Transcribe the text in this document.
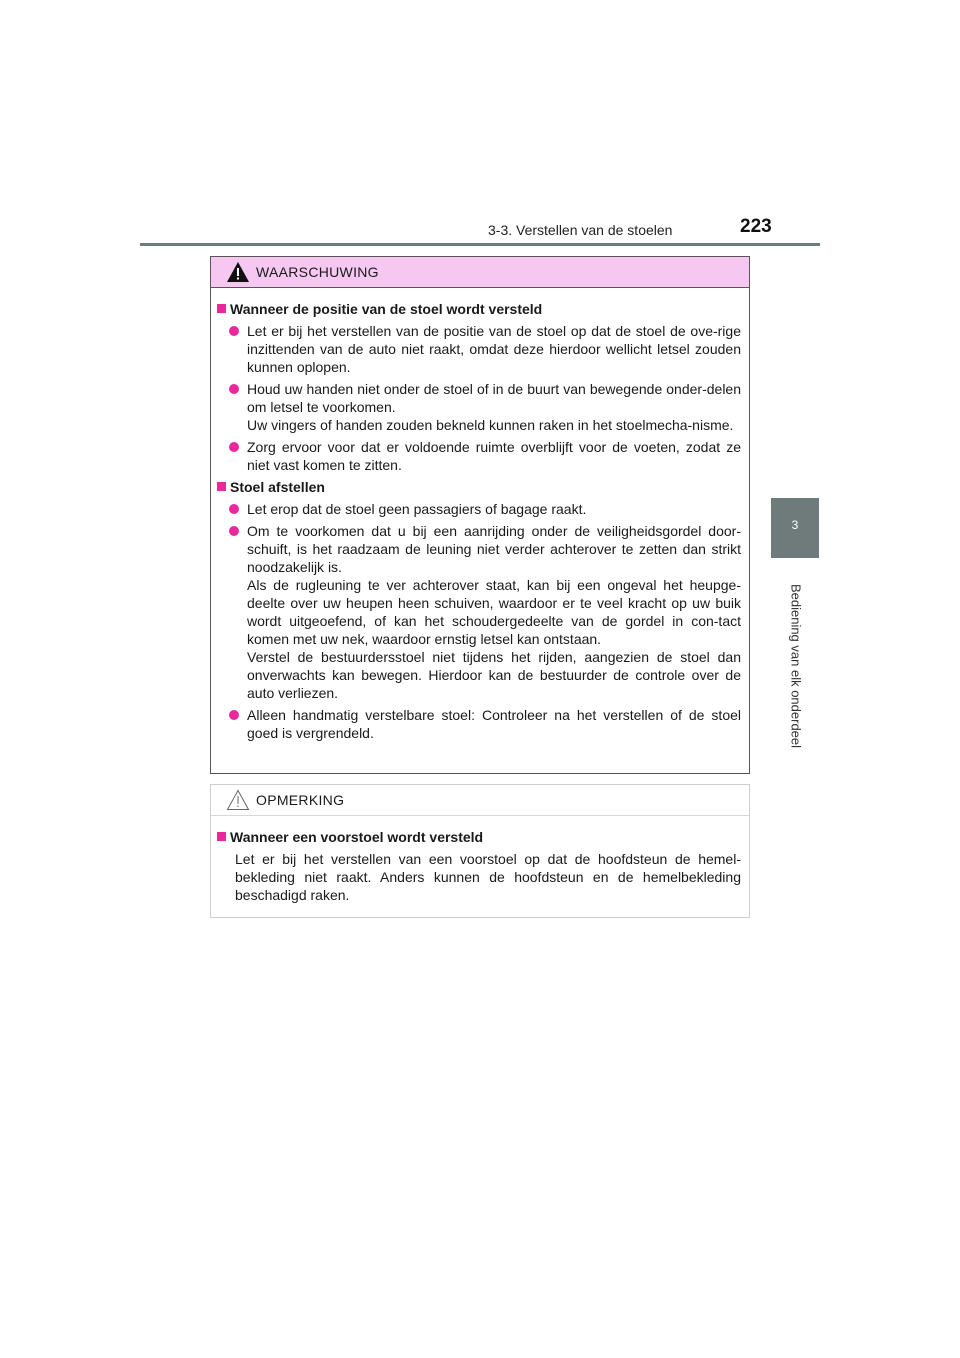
3-3. Verstellen van de stoelen	223
3
Bediening van elk onderdeel
WAARSCHUWING
Wanneer de positie van de stoel wordt versteld

Let er bij het verstellen van de positie van de stoel op dat de stoel de ove-rige inzittenden van de auto niet raakt, omdat deze hierdoor wellicht letsel zouden kunnen oplopen.

Houd uw handen niet onder de stoel of in de buurt van bewegende onder-delen om letsel te voorkomen.

Uw vingers of handen zouden bekneld kunnen raken in het stoelmecha-nisme.

Zorg ervoor voor dat er voldoende ruimte overblijft voor de voeten, zodat ze niet vast komen te zitten.

Stoel afstellen

Let erop dat de stoel geen passagiers of bagage raakt.

Om te voorkomen dat u bij een aanrijding onder de veiligheidsgordel door-schuift, is het raadzaam de leuning niet verder achterover te zetten dan strikt noodzakelijk is.

Als de rugleuning te ver achterover staat, kan bij een ongeval het heupge-deelte over uw heupen heen schuiven, waardoor er te veel kracht op uw buik wordt uitgeoefend, of kan het schoudergedeelte van de gordel in con-tact komen met uw nek, waardoor ernstig letsel kan ontstaan.

Verstel de bestuurdersstoel niet tijdens het rijden, aangezien de stoel dan onverwachts kan bewegen. Hierdoor kan de bestuurder de controle over de auto verliezen.

Alleen handmatig verstelbare stoel: Controleer na het verstellen of de stoel goed is vergrendeld.

OPMERKING
Wanneer een voorstoel wordt versteld
Let er bij het verstellen van een voorstoel op dat de hoofdsteun de hemel-bekleding niet raakt. Anders kunnen de hoofdsteun en de hemelbekleding beschadigd raken.
